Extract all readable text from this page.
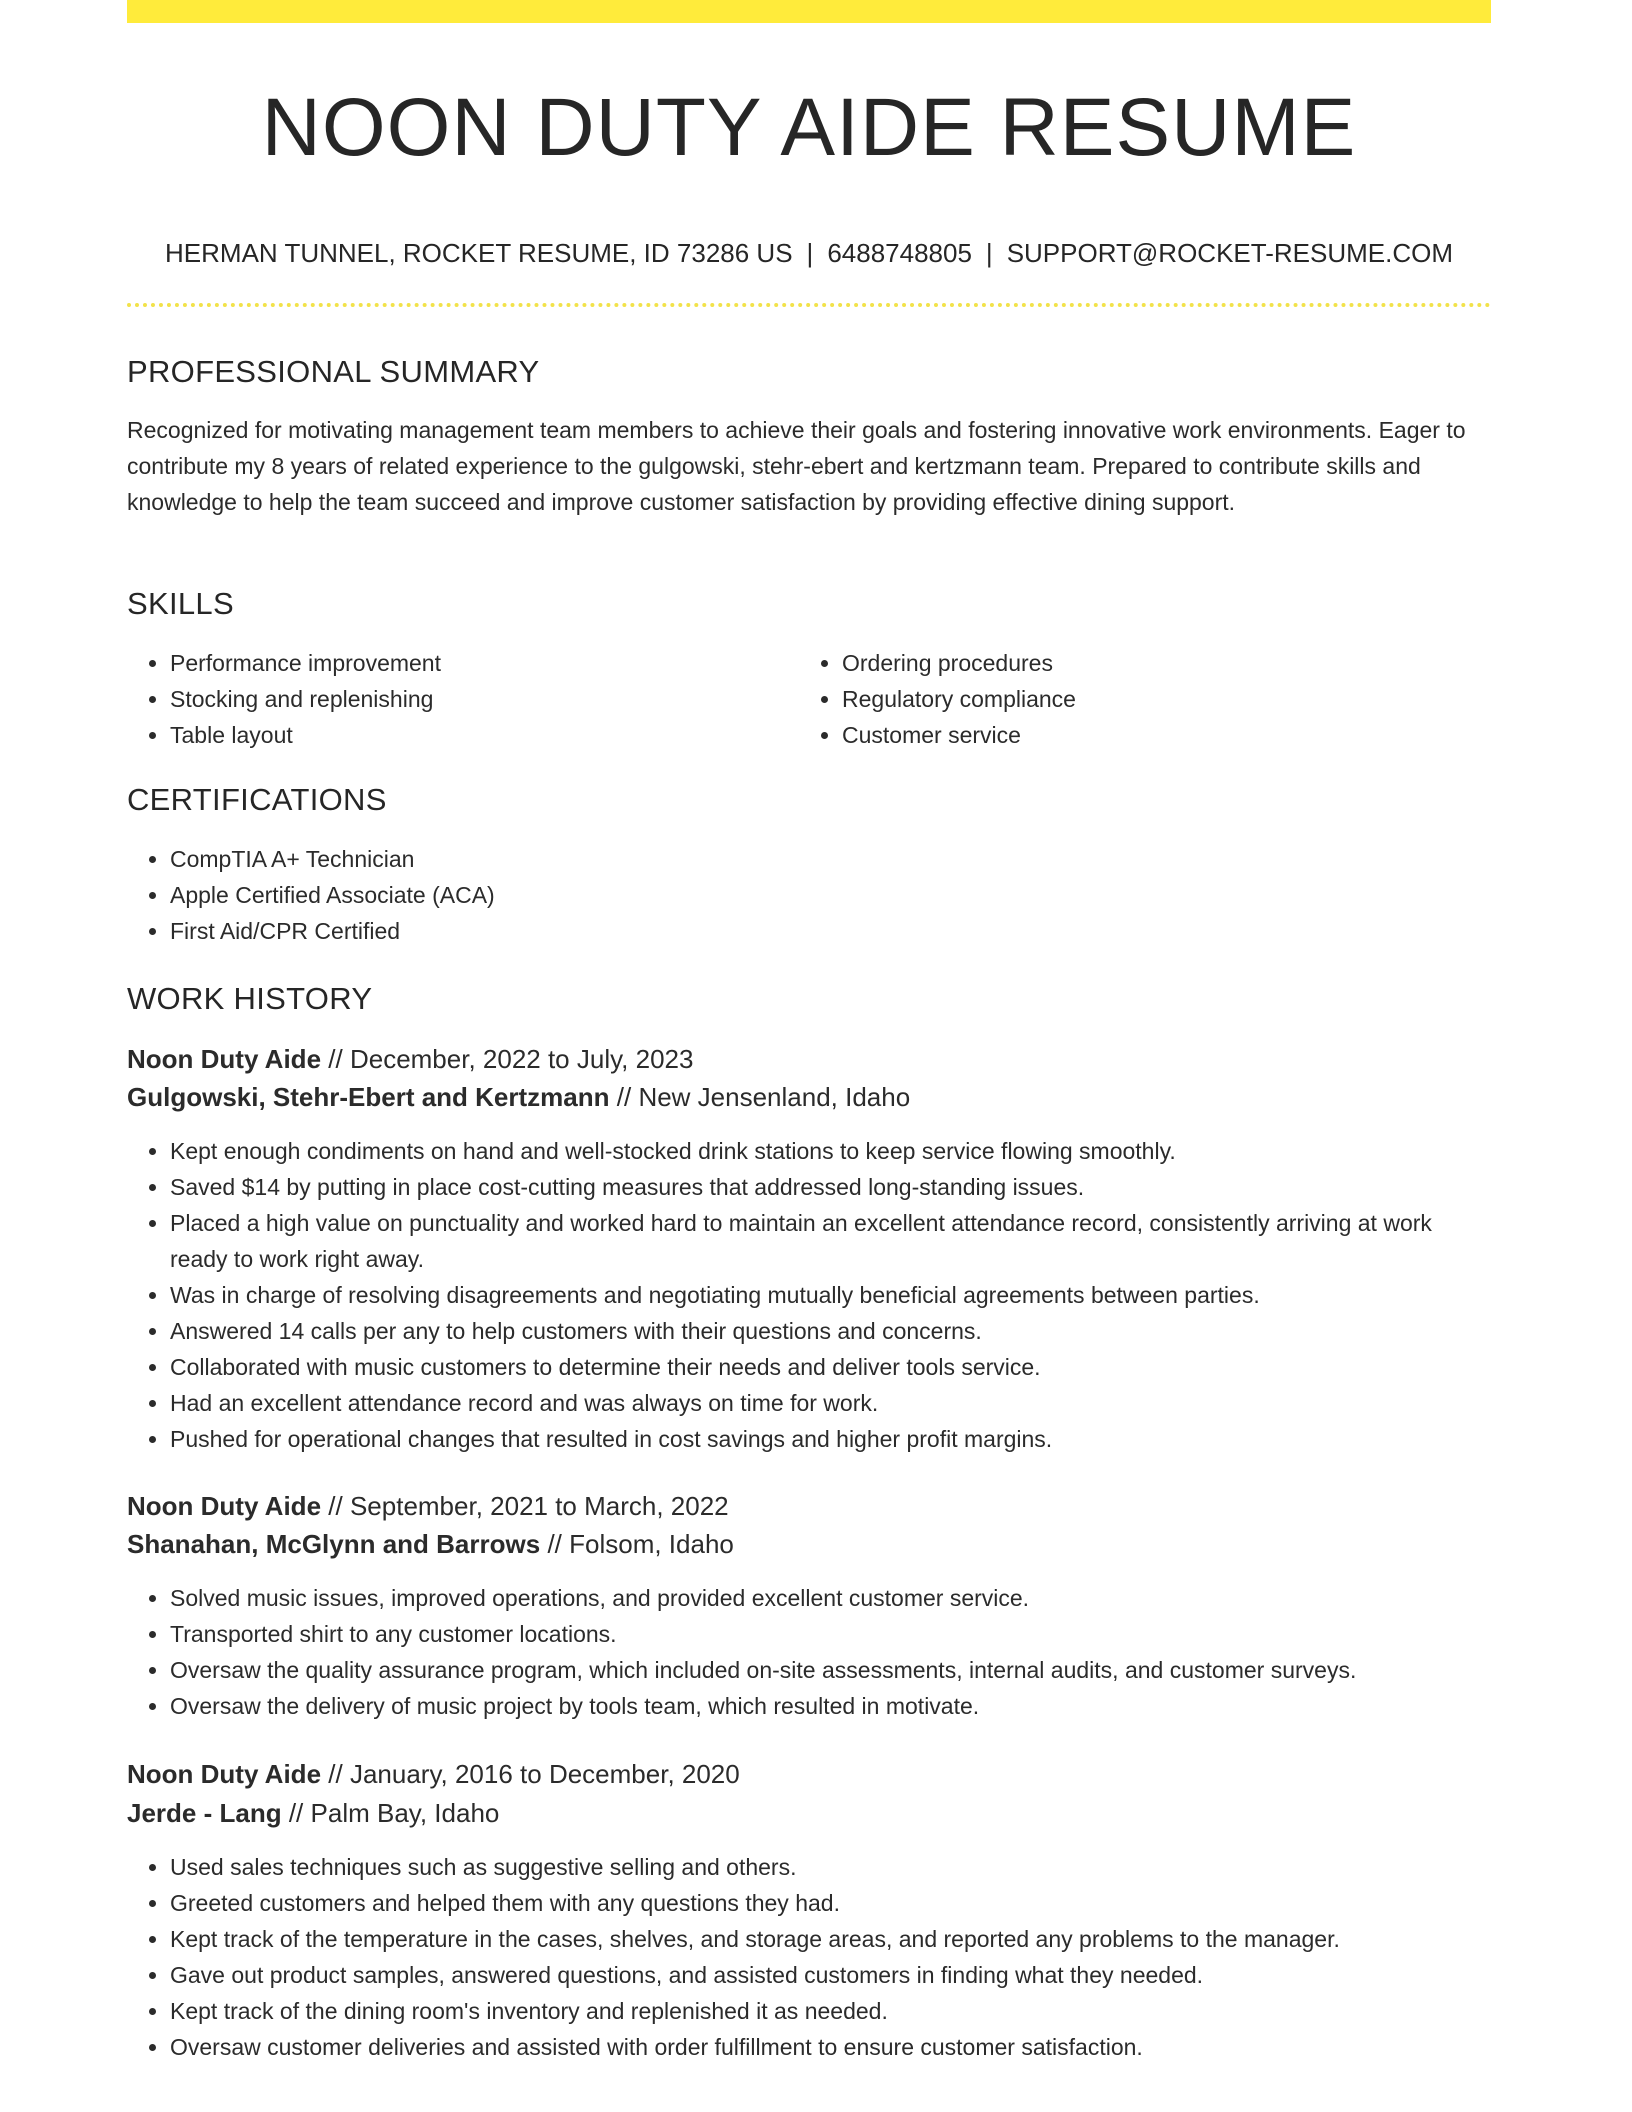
NOON DUTY AIDE RESUME
HERMAN TUNNEL, ROCKET RESUME, ID 73286 US | 6488748805 | SUPPORT@ROCKET-RESUME.COM
PROFESSIONAL SUMMARY

Recognized for motivating management team members to achieve their goals and fostering innovative work environments. Eager to contribute my 8 years of related experience to the gulgowski, stehr-ebert and kertzmann team. Prepared to contribute skills and knowledge to help the team succeed and improve customer satisfaction by providing effective dining support.

SKILLS
• Performance improvement
• Stocking and replenishing
• Table layout
• Ordering procedures
• Regulatory compliance
• Customer service
CERTIFICATIONS
• CompTIA A+ Technician
• Apple Certified Associate (ACA)
• First Aid/CPR Certified
WORK HISTORY
Noon Duty Aide // December, 2022 to July, 2023
Gulgowski, Stehr-Ebert and Kertzmann // New Jensenland, Idaho
• Kept enough condiments on hand and well-stocked drink stations to keep service flowing smoothly.
• Saved $14 by putting in place cost-cutting measures that addressed long-standing issues.
• Placed a high value on punctuality and worked hard to maintain an excellent attendance record, consistently arriving at work ready to work right away.
• Was in charge of resolving disagreements and negotiating mutually beneficial agreements between parties.
• Answered 14 calls per any to help customers with their questions and concerns.
• Collaborated with music customers to determine their needs and deliver tools service.
• Had an excellent attendance record and was always on time for work.
• Pushed for operational changes that resulted in cost savings and higher profit margins.
Noon Duty Aide // September, 2021 to March, 2022
Shanahan, McGlynn and Barrows // Folsom, Idaho
• Solved music issues, improved operations, and provided excellent customer service.
• Transported shirt to any customer locations.
• Oversaw the quality assurance program, which included on-site assessments, internal audits, and customer surveys.
• Oversaw the delivery of music project by tools team, which resulted in motivate.
Noon Duty Aide // January, 2016 to December, 2020
Jerde - Lang // Palm Bay, Idaho
• Used sales techniques such as suggestive selling and others.
• Greeted customers and helped them with any questions they had.
• Kept track of the temperature in the cases, shelves, and storage areas, and reported any problems to the manager.
• Gave out product samples, answered questions, and assisted customers in finding what they needed.
• Kept track of the dining room's inventory and replenished it as needed.
• Oversaw customer deliveries and assisted with order fulfillment to ensure customer satisfaction.
